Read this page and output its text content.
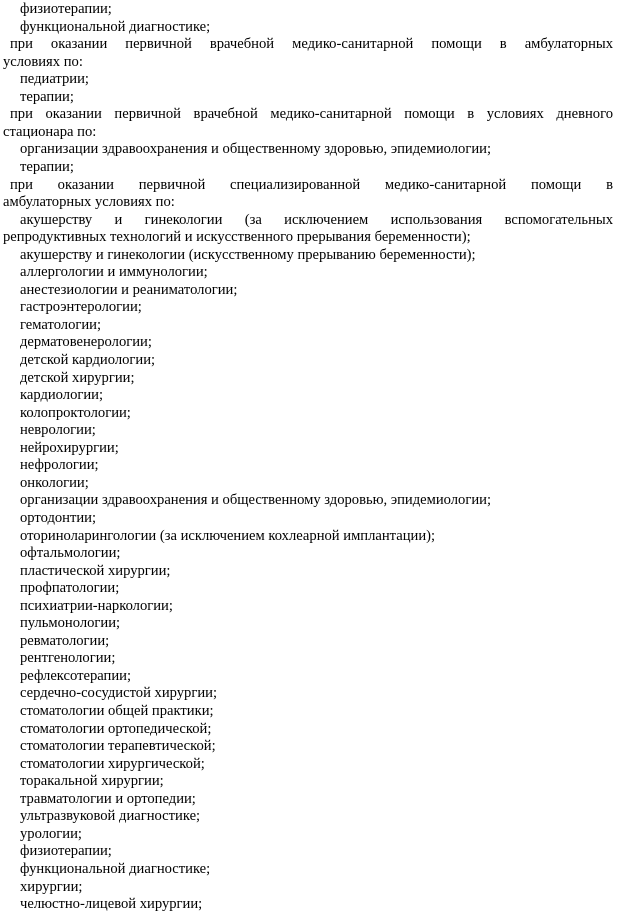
физиотерапии;
функциональной диагностике;
при оказании первичной врачебной медико-санитарной помощи в амбулаторных
условиях по:
педиатрии;
терапии;
при оказании первичной врачебной медико-санитарной помощи в условиях дневного
стационара по:
организации здравоохранения и общественному здоровью, эпидемиологии;
терапии;
при оказании первичной специализированной медико-санитарной помощи в
амбулаторных условиях по:
акушерству и гинекологии (за исключением использования вспомогательных
репродуктивных технологий и искусственного прерывания беременности);
акушерству и гинекологии (искусственному прерыванию беременности);
аллергологии и иммунологии;
анестезиологии и реаниматологии;
гастроэнтерологии;
гематологии;
дерматовенерологии;
детской кардиологии;
детской хирургии;
кардиологии;
колопроктологии;
неврологии;
нейрохирургии;
нефрологии;
онкологии;
организации здравоохранения и общественному здоровью, эпидемиологии;
ортодонтии;
оториноларингологии (за исключением кохлеарной имплантации);
офтальмологии;
пластической хирургии;
профпатологии;
психиатрии-наркологии;
пульмонологии;
ревматологии;
рентгенологии;
рефлексотерапии;
сердечно-сосудистой хирургии;
стоматологии общей практики;
стоматологии ортопедической;
стоматологии терапевтической;
стоматологии хирургической;
торакальной хирургии;
травматологии и ортопедии;
ультразвуковой диагностике;
урологии;
физиотерапии;
функциональной диагностике;
хирургии;
челюстно-лицевой хирургии;
